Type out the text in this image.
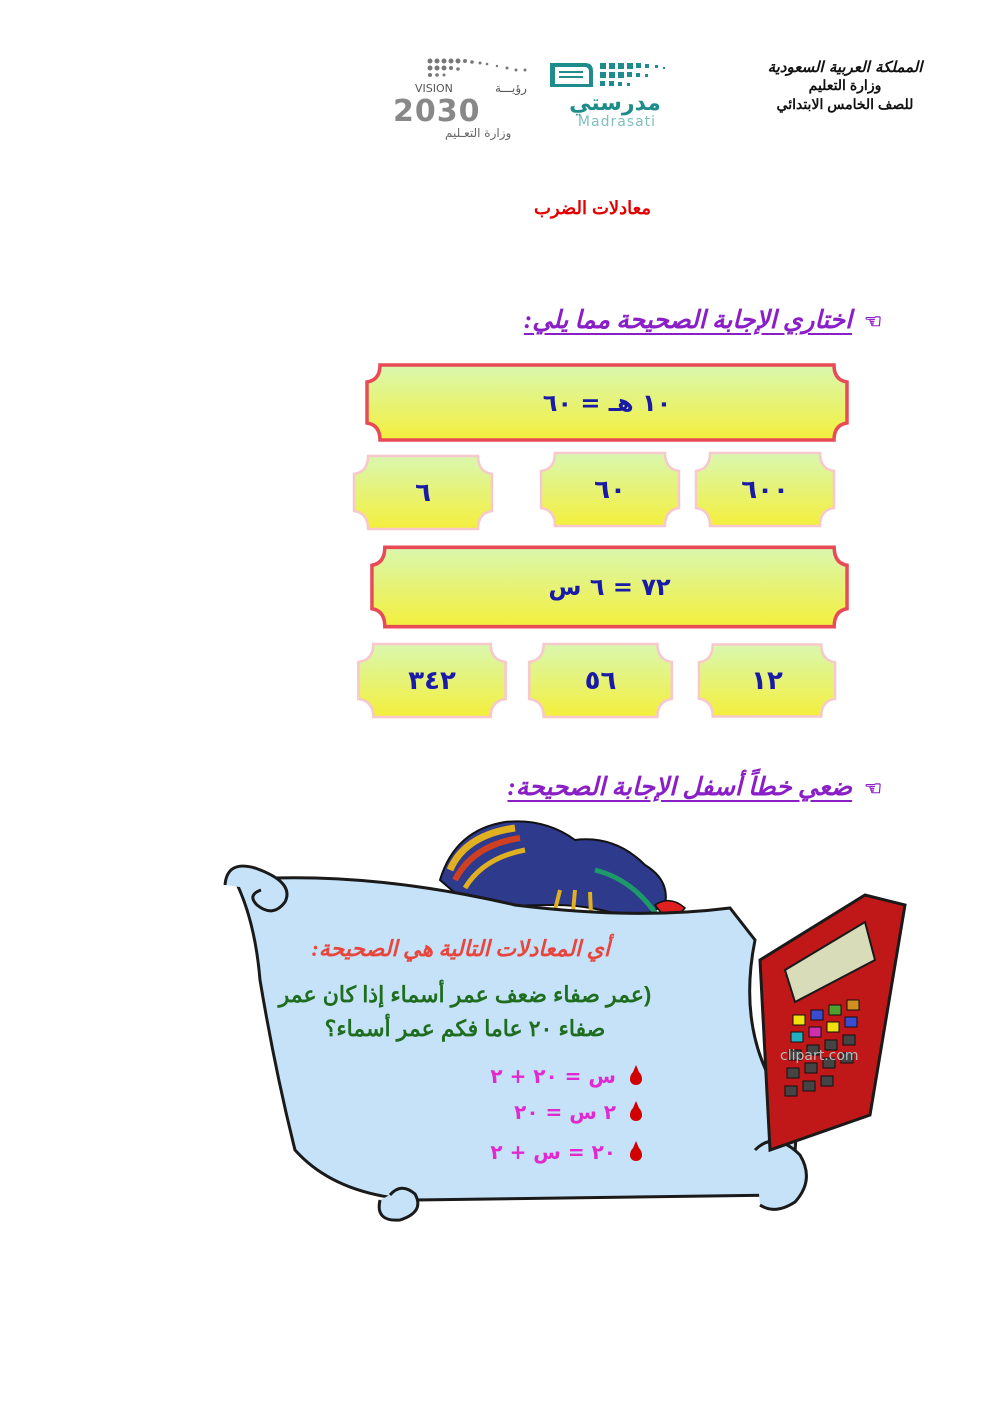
المملكة العربية السعودية
وزارة التعليم
للصف الخامس الابتدائي
مدرستي
Madrasati
VISION	رؤيـــة
2030
وزارة التعـليم
معادلات الضرب
☜اختاري الإجابة الصحيحة مما يلي:
١٠ هـ = ٦٠
٦٠٠
٦٠
٦
٧٢ = ٦ س
١٢
٥٦
٣٤٢
☜ضعي خطاً أسفل الإجابة الصحيحة:
clipart.com
أي المعادلات التالية هي الصحيحة:
(عمر صفاء ضعف عمر أسماء إذا كان عمر
صفاء ٢٠ عاما فكم عمر أسماء؟
س = ٢٠ + ٢
٢ س = ٢٠
٢٠ = س + ٢
